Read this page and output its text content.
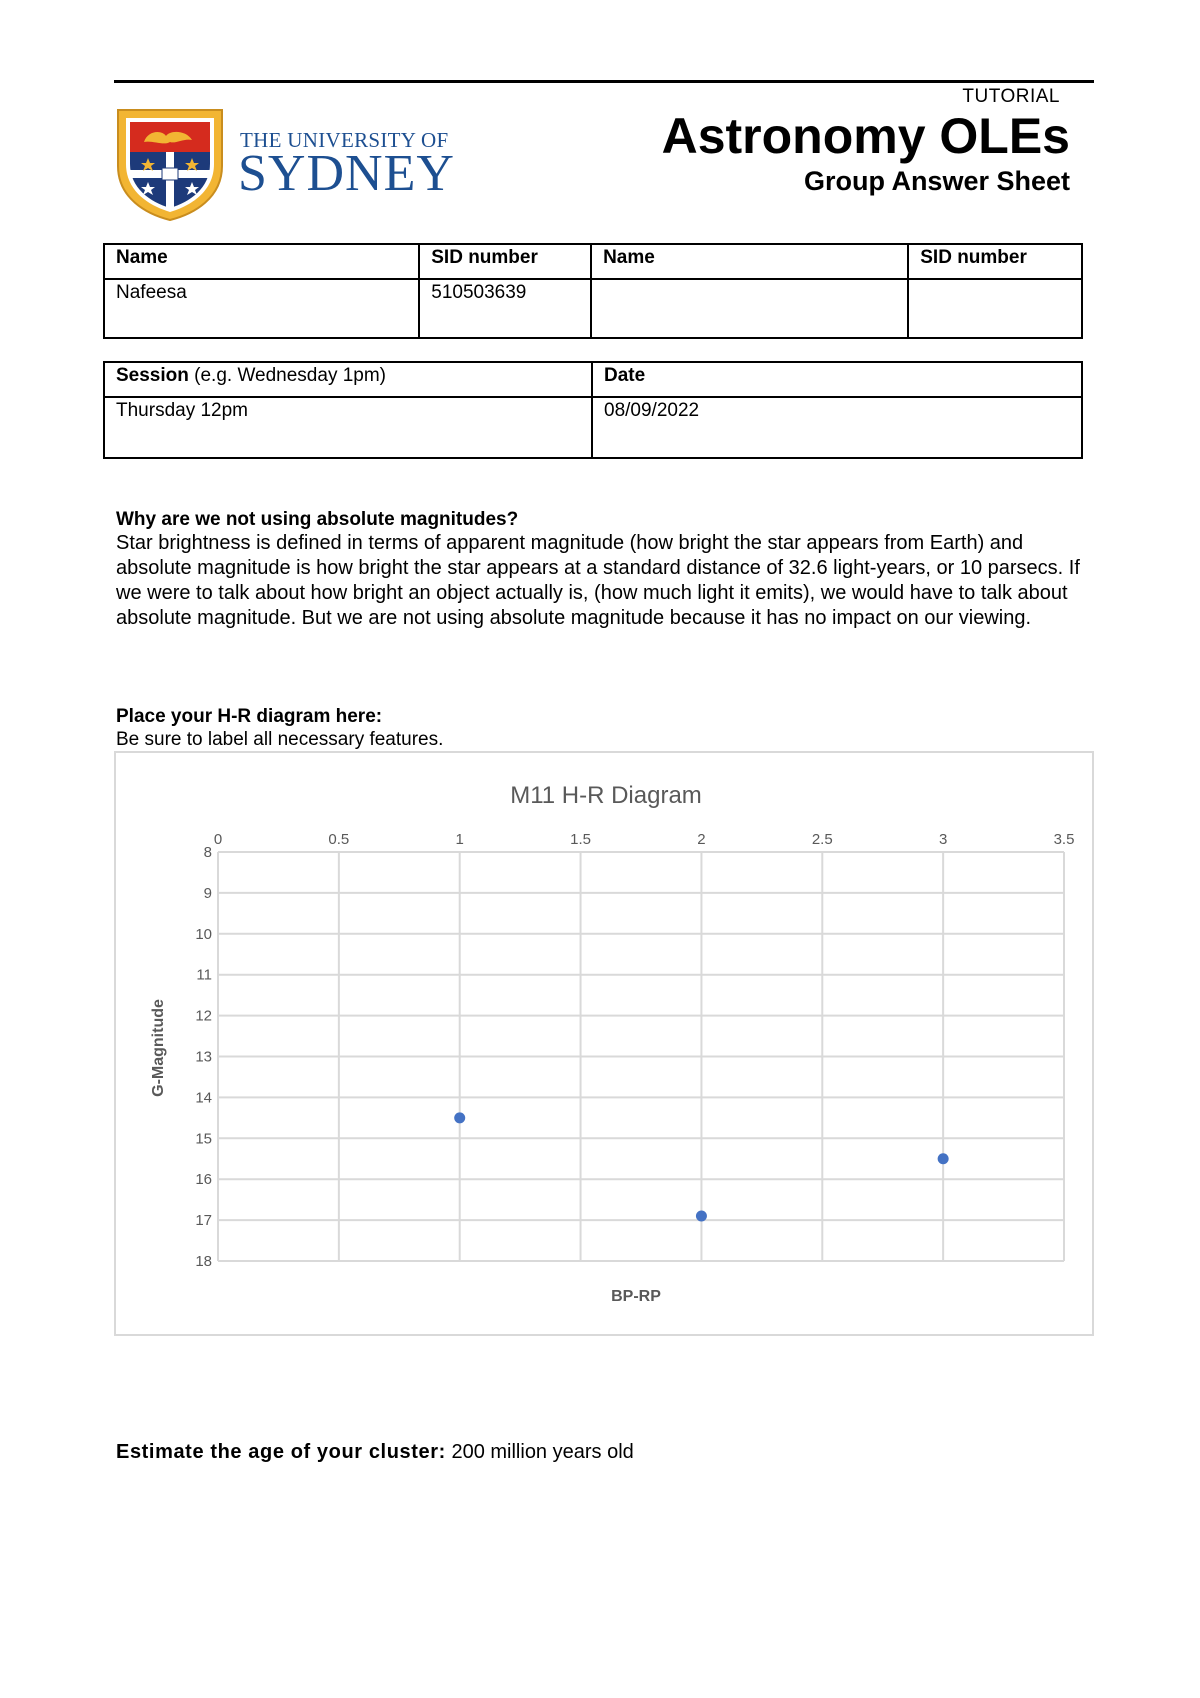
TUTORIAL
Astronomy OLEs
Group Answer Sheet
THE UNIVERSITY OF
SYDNEY
Name	SID number	Name	SID number
Nafeesa	510503639		
Session (e.g. Wednesday 1pm)	Date
Thursday 12pm	08/09/2022
Why are we not using absolute magnitudes?
Star brightness is defined in terms of apparent magnitude (how bright the star appears from Earth) and absolute magnitude is how bright the star appears at a standard distance of 32.6 light-years, or 10 parsecs. If we were to talk about how bright an object actually is, (how much light it emits), we would have to talk about absolute magnitude. But we are not using absolute magnitude because it has no impact on our viewing.
Place your H-R diagram here:
Be sure to label all necessary features.
M11 H-R Diagram
0	0.5	1	1.5	2	2.5	3	3.5
8
9
10
11
12
13
14
15
16
17
18
BP-RP
G-Magnitude
Estimate the age of your cluster: 200 million years old
